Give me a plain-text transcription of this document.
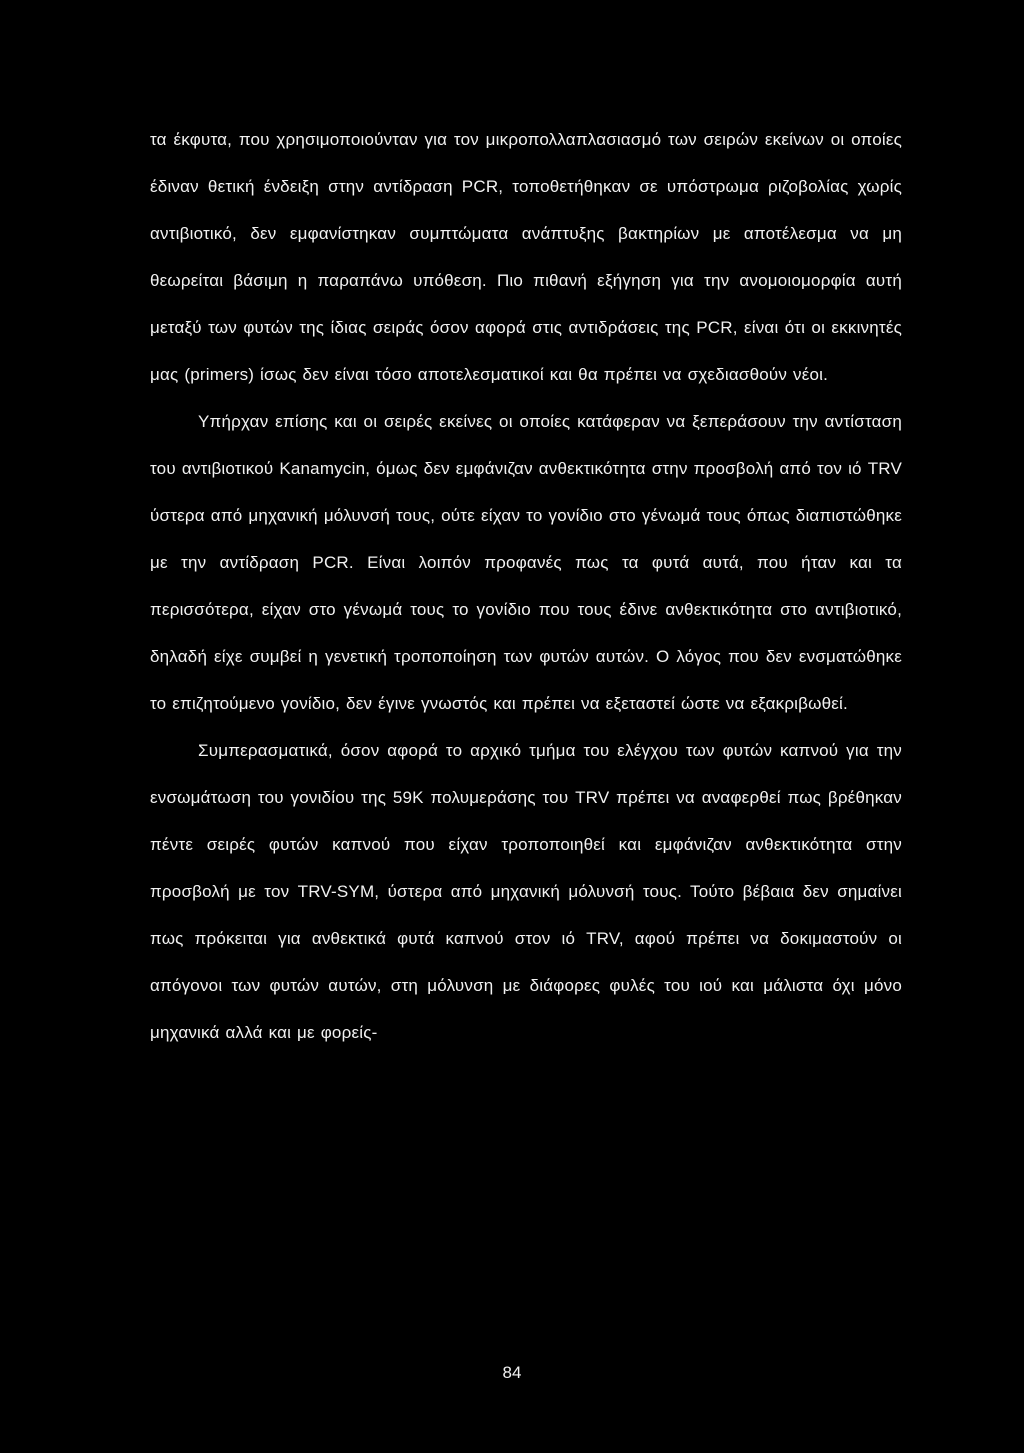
τα έκφυτα, που χρησιμοποιούνταν για τον μικροπολλαπλασιασμό των σειρών εκείνων οι οποίες έδιναν θετική ένδειξη στην αντίδραση PCR, τοποθετήθηκαν σε υπόστρωμα ριζοβολίας χωρίς αντιβιοτικό, δεν εμφανίστηκαν συμπτώματα ανάπτυξης βακτηρίων με αποτέλεσμα να μη θεωρείται βάσιμη η παραπάνω υπόθεση. Πιο πιθανή εξήγηση για την ανομοιομορφία αυτή μεταξύ των φυτών της ίδιας σειράς όσον αφορά στις αντιδράσεις της PCR, είναι ότι οι εκκινητές μας (primers) ίσως δεν είναι τόσο αποτελεσματικοί και θα πρέπει να σχεδιασθούν νέοι.

Υπήρχαν επίσης και οι σειρές εκείνες οι οποίες κατάφεραν να ξεπεράσουν την αντίσταση του αντιβιοτικού Kanamycin, όμως δεν εμφάνιζαν ανθεκτικότητα στην προσβολή από τον ιό TRV ύστερα από μηχανική μόλυνσή τους, ούτε είχαν το γονίδιο στο γένωμά τους όπως διαπιστώθηκε με την αντίδραση PCR. Είναι λοιπόν προφανές πως τα φυτά αυτά, που ήταν και τα περισσότερα, είχαν στο γένωμά τους το γονίδιο που τους έδινε ανθεκτικότητα στο αντιβιοτικό, δηλαδή είχε συμβεί η γενετική τροποποίηση των φυτών αυτών. Ο λόγος που δεν ενσματώθηκε το επιζητούμενο γονίδιο, δεν έγινε γνωστός και πρέπει να εξεταστεί ώστε να εξακριβωθεί.

Συμπερασματικά, όσον αφορά το αρχικό τμήμα του ελέγχου των φυτών καπνού για την ενσωμάτωση του γονιδίου της 59K πολυμεράσης του TRV πρέπει να αναφερθεί πως βρέθηκαν πέντε σειρές φυτών καπνού που είχαν τροποποιηθεί και εμφάνιζαν ανθεκτικότητα στην προσβολή με τον TRV-SYM, ύστερα από μηχανική μόλυνσή τους. Τούτο βέβαια δεν σημαίνει πως πρόκειται για ανθεκτικά φυτά καπνού στον ιό TRV, αφού πρέπει να δοκιμαστούν οι απόγονοι των φυτών αυτών, στη μόλυνση με διάφορες φυλές του ιού και μάλιστα όχι μόνο μηχανικά αλλά και με φορείς-

84
